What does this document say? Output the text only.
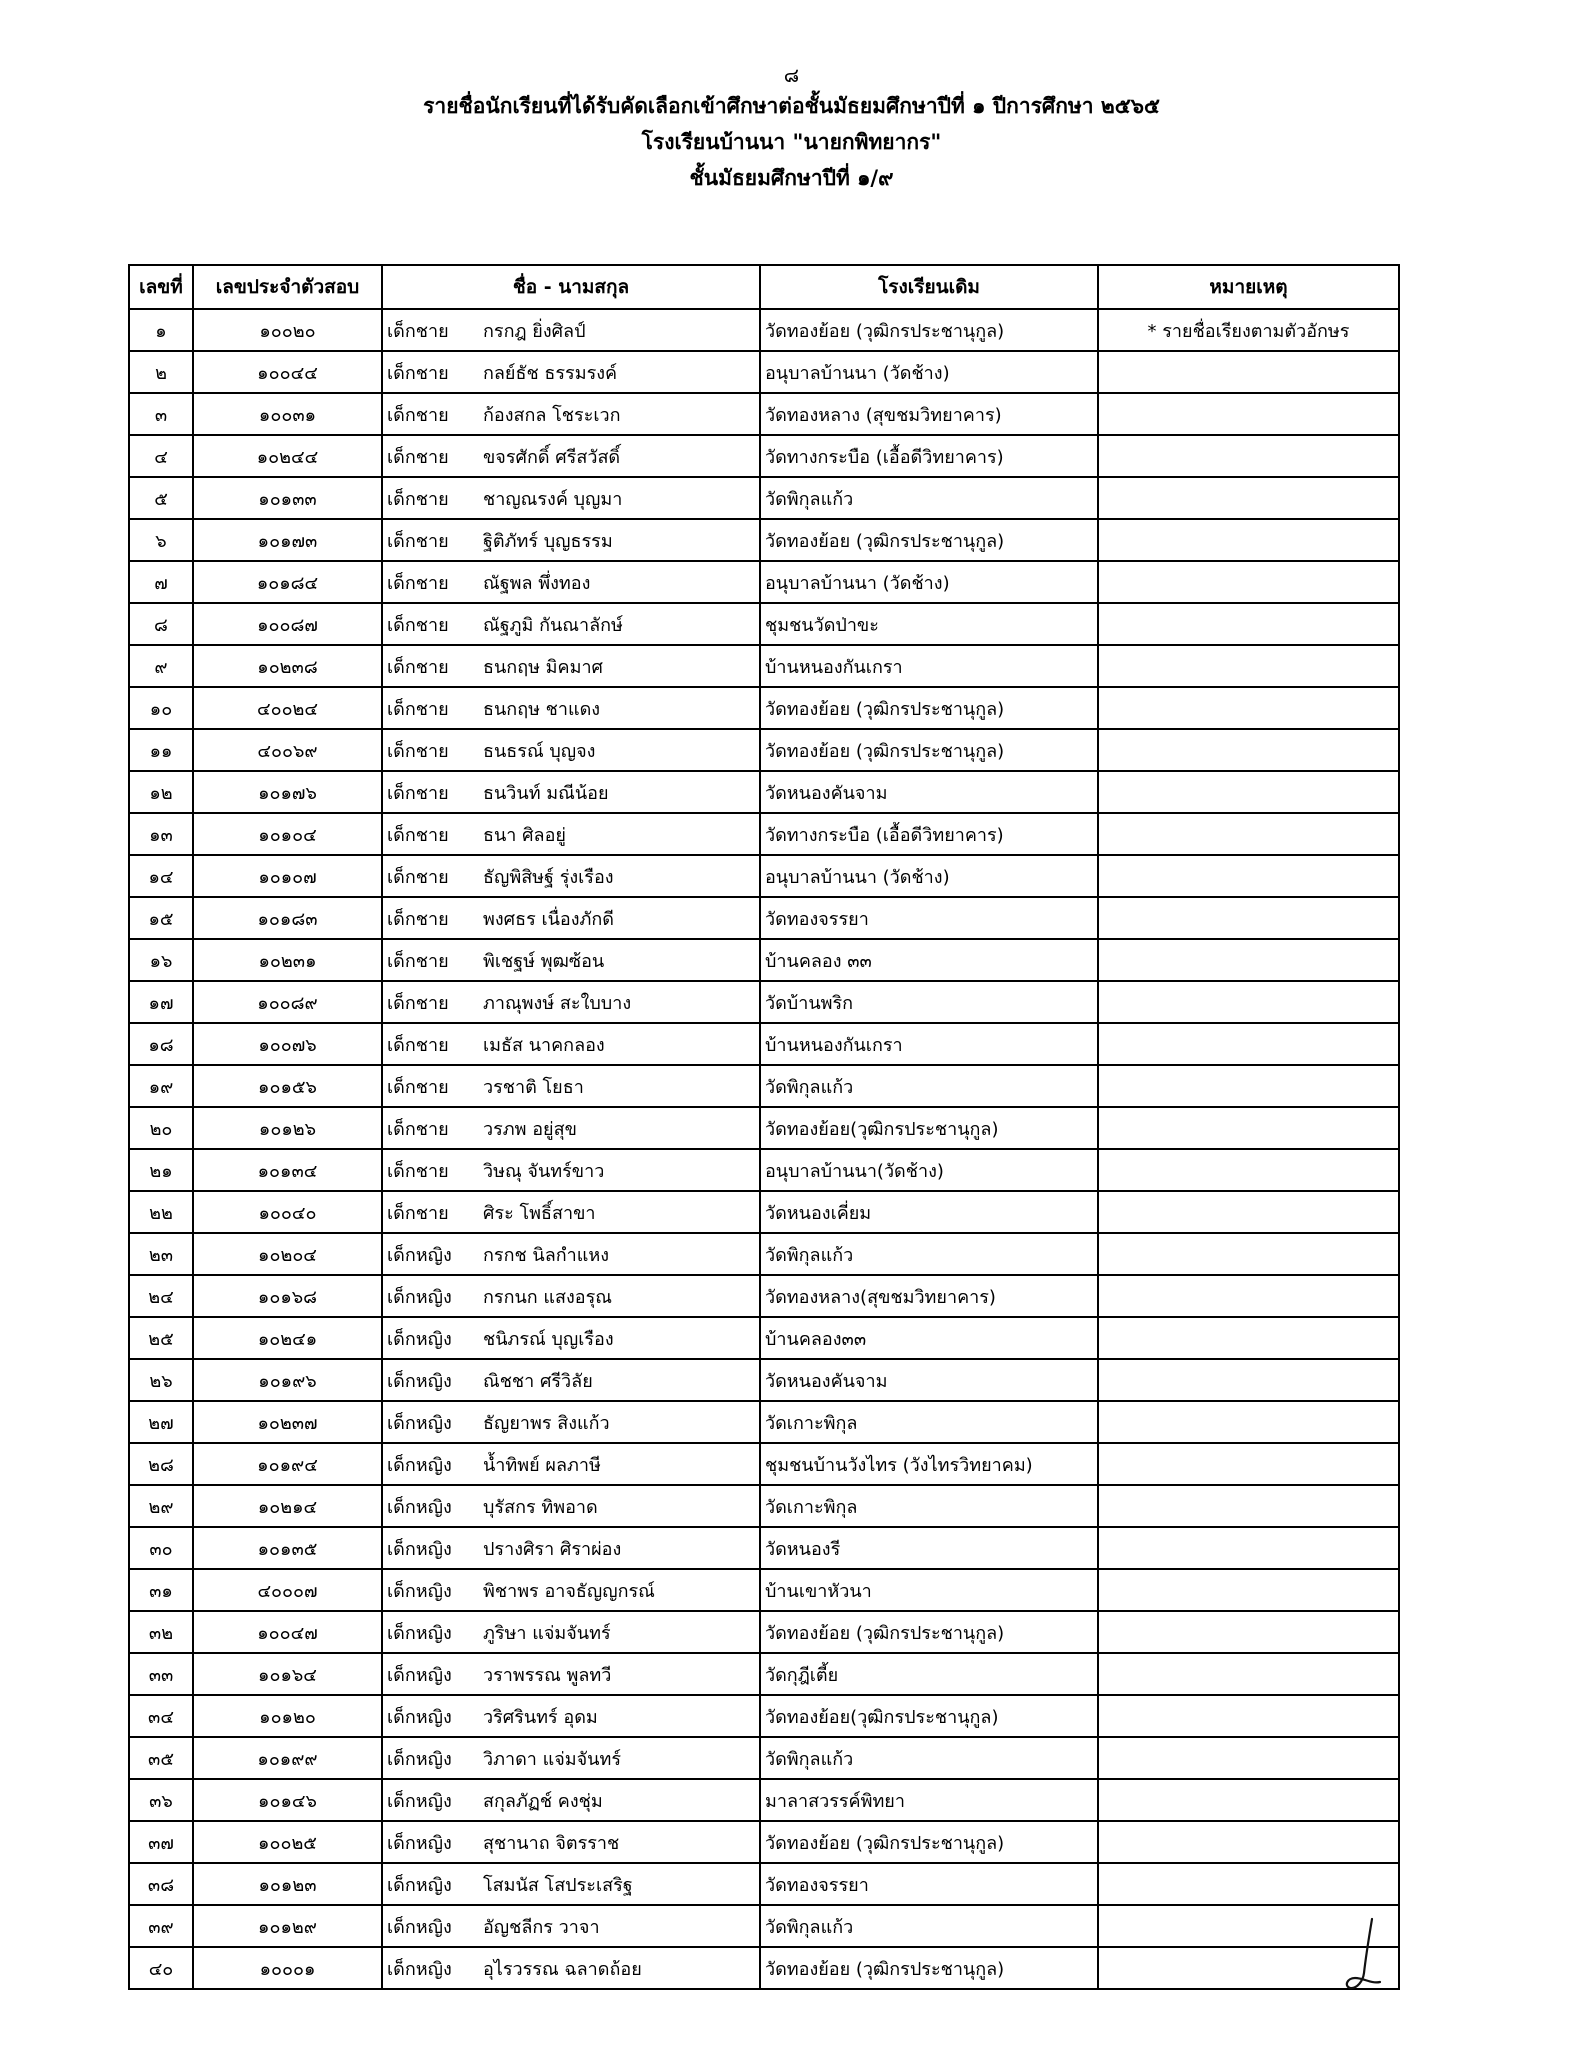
๘
รายชื่อนักเรียนที่ได้รับคัดเลือกเข้าศึกษาต่อชั้นมัธยมศึกษาปีที่ ๑ ปีการศึกษา ๒๕๖๕
โรงเรียนบ้านนา "นายกพิทยากร"
ชั้นมัธยมศึกษาปีที่ ๑/๙
เลขที่	เลขประจำตัวสอบ	ชื่อ - นามสกุล	โรงเรียนเดิม	หมายเหตุ
๑	๑๐๐๒๐	เด็กชาย กรกฎ ยิ่งศิลป์	วัดทองย้อย (วุฒิกรประชานุกูล)	* รายชื่อเรียงตามตัวอักษร
๒	๑๐๐๔๔	เด็กชาย กลย์ธัช ธรรมรงค์	อนุบาลบ้านนา (วัดช้าง)	
๓	๑๐๐๓๑	เด็กชาย ก้องสกล โชระเวก	วัดทองหลาง (สุขชมวิทยาคาร)	
๔	๑๐๒๔๔	เด็กชาย ขจรศักดิ์ ศรีสวัสดิ์	วัดทางกระบือ (เอื้อดีวิทยาคาร)	
๕	๑๐๑๓๓	เด็กชาย ชาญณรงค์ บุญมา	วัดพิกุลแก้ว	
๖	๑๐๑๗๓	เด็กชาย ฐิติภัทร์ บุญธรรม	วัดทองย้อย (วุฒิกรประชานุกูล)	
๗	๑๐๑๘๔	เด็กชาย ณัฐพล พึ่งทอง	อนุบาลบ้านนา (วัดช้าง)	
๘	๑๐๐๘๗	เด็กชาย ณัฐภูมิ กันณาลักษ์	ชุมชนวัดป่าขะ	
๙	๑๐๒๓๘	เด็กชาย ธนกฤษ มิคมาศ	บ้านหนองกันเกรา	
๑๐	๔๐๐๒๔	เด็กชาย ธนกฤษ ชาแดง	วัดทองย้อย (วุฒิกรประชานุกูล)	
๑๑	๔๐๐๖๙	เด็กชาย ธนธรณ์ บุญจง	วัดทองย้อย (วุฒิกรประชานุกูล)	
๑๒	๑๐๑๗๖	เด็กชาย ธนวินท์ มณีน้อย	วัดหนองคันจาม	
๑๓	๑๐๑๐๔	เด็กชาย ธนา ศิลอยู่	วัดทางกระบือ (เอื้อดีวิทยาคาร)	
๑๔	๑๐๑๐๗	เด็กชาย ธัญพิสิษฐ์ รุ่งเรือง	อนุบาลบ้านนา (วัดช้าง)	
๑๕	๑๐๑๘๓	เด็กชาย พงศธร เนื่องภักดี	วัดทองจรรยา	
๑๖	๑๐๒๓๑	เด็กชาย พิเชฐษ์ พุฒซ้อน	บ้านคลอง ๓๓	
๑๗	๑๐๐๘๙	เด็กชาย ภาณุพงษ์ สะใบบาง	วัดบ้านพริก	
๑๘	๑๐๐๗๖	เด็กชาย เมธัส นาคกลอง	บ้านหนองกันเกรา	
๑๙	๑๐๑๕๖	เด็กชาย วรชาติ โยธา	วัดพิกุลแก้ว	
๒๐	๑๐๑๒๖	เด็กชาย วรภพ อยู่สุข	วัดทองย้อย(วุฒิกรประชานุกูล)	
๒๑	๑๐๑๓๔	เด็กชาย วิษณุ จันทร์ขาว	อนุบาลบ้านนา(วัดช้าง)	
๒๒	๑๐๐๔๐	เด็กชาย ศิระ โพธิ์สาขา	วัดหนองเคี่ยม	
๒๓	๑๐๒๐๔	เด็กหญิง กรกช นิลกำแหง	วัดพิกุลแก้ว	
๒๔	๑๐๑๖๘	เด็กหญิง กรกนก แสงอรุณ	วัดทองหลาง(สุขชมวิทยาคาร)	
๒๕	๑๐๒๔๑	เด็กหญิง ชนิภรณ์ บุญเรือง	บ้านคลอง๓๓	
๒๖	๑๐๑๙๖	เด็กหญิง ณิชชา ศรีวิลัย	วัดหนองคันจาม	
๒๗	๑๐๒๓๗	เด็กหญิง ธัญยาพร สิงแก้ว	วัดเกาะพิกุล	
๒๘	๑๐๑๙๔	เด็กหญิง น้ำทิพย์ ผลภาษี	ชุมชนบ้านวังไทร (วังไทรวิทยาคม)	
๒๙	๑๐๒๑๔	เด็กหญิง บุรัสกร ทิพอาด	วัดเกาะพิกุล	
๓๐	๑๐๑๓๕	เด็กหญิง ปรางศิรา ศิราผ่อง	วัดหนองรี	
๓๑	๔๐๐๐๗	เด็กหญิง พิชาพร อาจธัญญกรณ์	บ้านเขาหัวนา	
๓๒	๑๐๐๔๗	เด็กหญิง ภูริษา แจ่มจันทร์	วัดทองย้อย (วุฒิกรประชานุกูล)	
๓๓	๑๐๑๖๔	เด็กหญิง วราพรรณ พูลทวี	วัดกุฎีเตี้ย	
๓๔	๑๐๑๒๐	เด็กหญิง วริศรินทร์ อุดม	วัดทองย้อย(วุฒิกรประชานุกูล)	
๓๕	๑๐๑๙๙	เด็กหญิง วิภาดา แจ่มจันทร์	วัดพิกุลแก้ว	
๓๖	๑๐๑๔๖	เด็กหญิง สกุลภัฏช์ คงชุ่ม	มาลาสวรรค์พิทยา	
๓๗	๑๐๐๒๕	เด็กหญิง สุชานาถ จิตรราช	วัดทองย้อย (วุฒิกรประชานุกูล)	
๓๘	๑๐๑๒๓	เด็กหญิง โสมนัส โสประเสริฐ	วัดทองจรรยา	
๓๙	๑๐๑๒๙	เด็กหญิง อัญชลีกร วาจา	วัดพิกุลแก้ว	
๔๐	๑๐๐๐๑	เด็กหญิง อุไรวรรณ ฉลาดถ้อย	วัดทองย้อย (วุฒิกรประชานุกูล)	
